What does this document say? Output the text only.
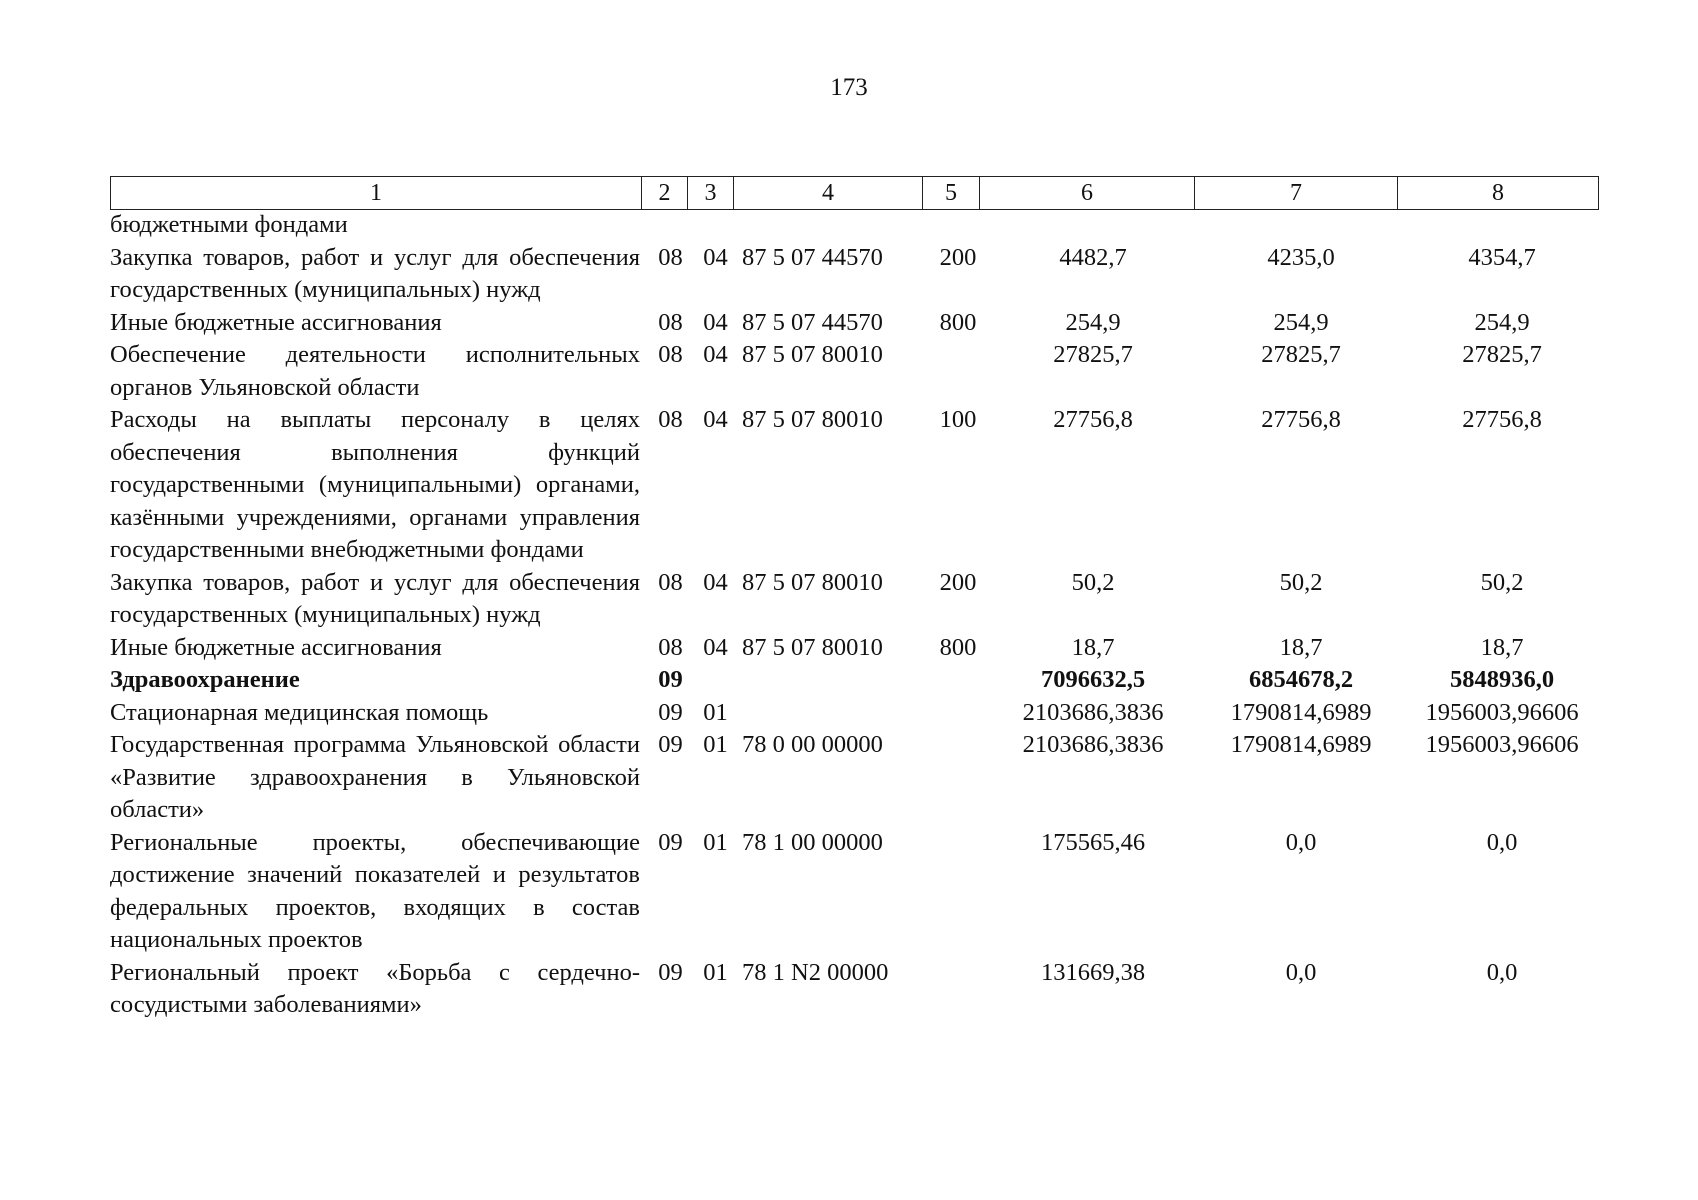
173
1	2	3	4	5	6	7	8
бюджетными фондами							
Закупка товаров, работ и услуг для обеспечения государственных (муниципальных) нужд	08	04	87 5 07 44570	200	4482,7	4235,0	4354,7
Иные бюджетные ассигнования	08	04	87 5 07 44570	800	254,9	254,9	254,9
Обеспечение деятельности исполнительных органов Ульяновской области	08	04	87 5 07 80010		27825,7	27825,7	27825,7
Расходы на выплаты персоналу в целях обеспечения выполнения функций государственными (муниципальными) органами, казёнными учреждениями, органами управления государственными внебюджетными фондами	08	04	87 5 07 80010	100	27756,8	27756,8	27756,8
Закупка товаров, работ и услуг для обеспечения государственных (муниципальных) нужд	08	04	87 5 07 80010	200	50,2	50,2	50,2
Иные бюджетные ассигнования	08	04	87 5 07 80010	800	18,7	18,7	18,7
Здравоохранение	09				7096632,5	6854678,2	5848936,0
Стационарная медицинская помощь	09	01			2103686,3836	1790814,6989	1956003,96606
Государственная программа Ульяновской области «Развитие здравоохранения в Ульяновской области»	09	01	78 0 00 00000		2103686,3836	1790814,6989	1956003,96606
Региональные проекты, обеспечивающие достижение значений показателей и результатов федеральных проектов, входящих в состав национальных проектов	09	01	78 1 00 00000		175565,46	0,0	0,0
Региональный проект «Борьба с сердечно-сосудистыми заболеваниями»	09	01	78 1 N2 00000		131669,38	0,0	0,0
